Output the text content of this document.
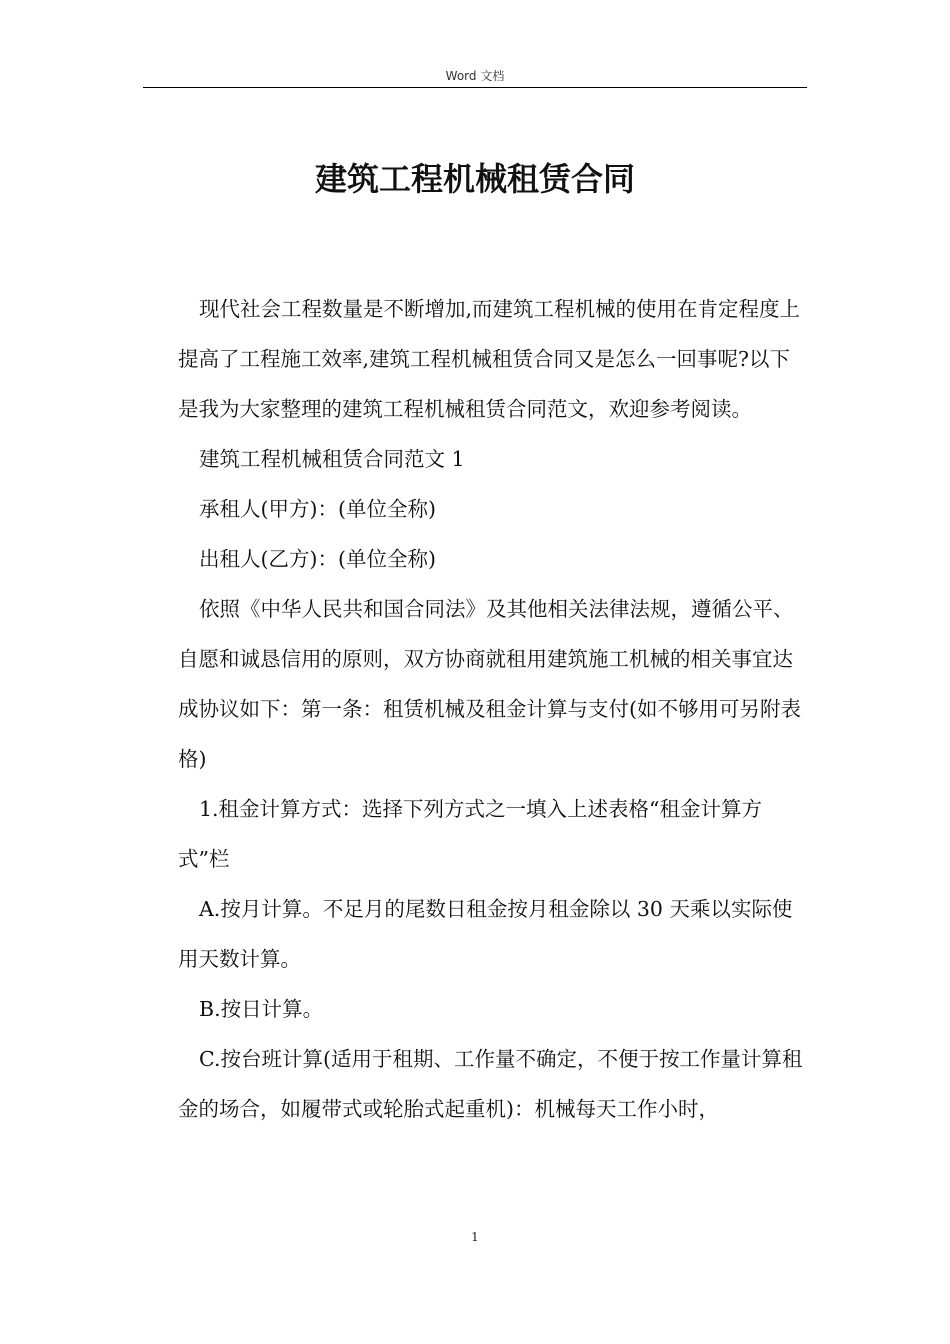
Word 文档
建筑工程机械租赁合同

现代社会工程数量是不断增加,而建筑工程机械的使用在肯定程度上提高了工程施工效率,建筑工程机械租赁合同又是怎么一回事呢?以下是我为大家整理的建筑工程机械租赁合同范文，欢迎参考阅读。

建筑工程机械租赁合同范文 1

承租人(甲方)：(单位全称)

出租人(乙方)：(单位全称)

依照《中华人民共和国合同法》及其他相关法律法规，遵循公平、自愿和诚恳信用的原则，双方协商就租用建筑施工机械的相关事宜达成协议如下：第一条：租赁机械及租金计算与支付(如不够用可另附表格)

1.租金计算方式：选择下列方式之一填入上述表格“租金计算方式”栏

A.按月计算。不足月的尾数日租金按月租金除以 30 天乘以实际使用天数计算。

B.按日计算。

C.按台班计算(适用于租期、工作量不确定，不便于按工作量计算租金的场合，如履带式或轮胎式起重机)：机械每天工作小时，

1
